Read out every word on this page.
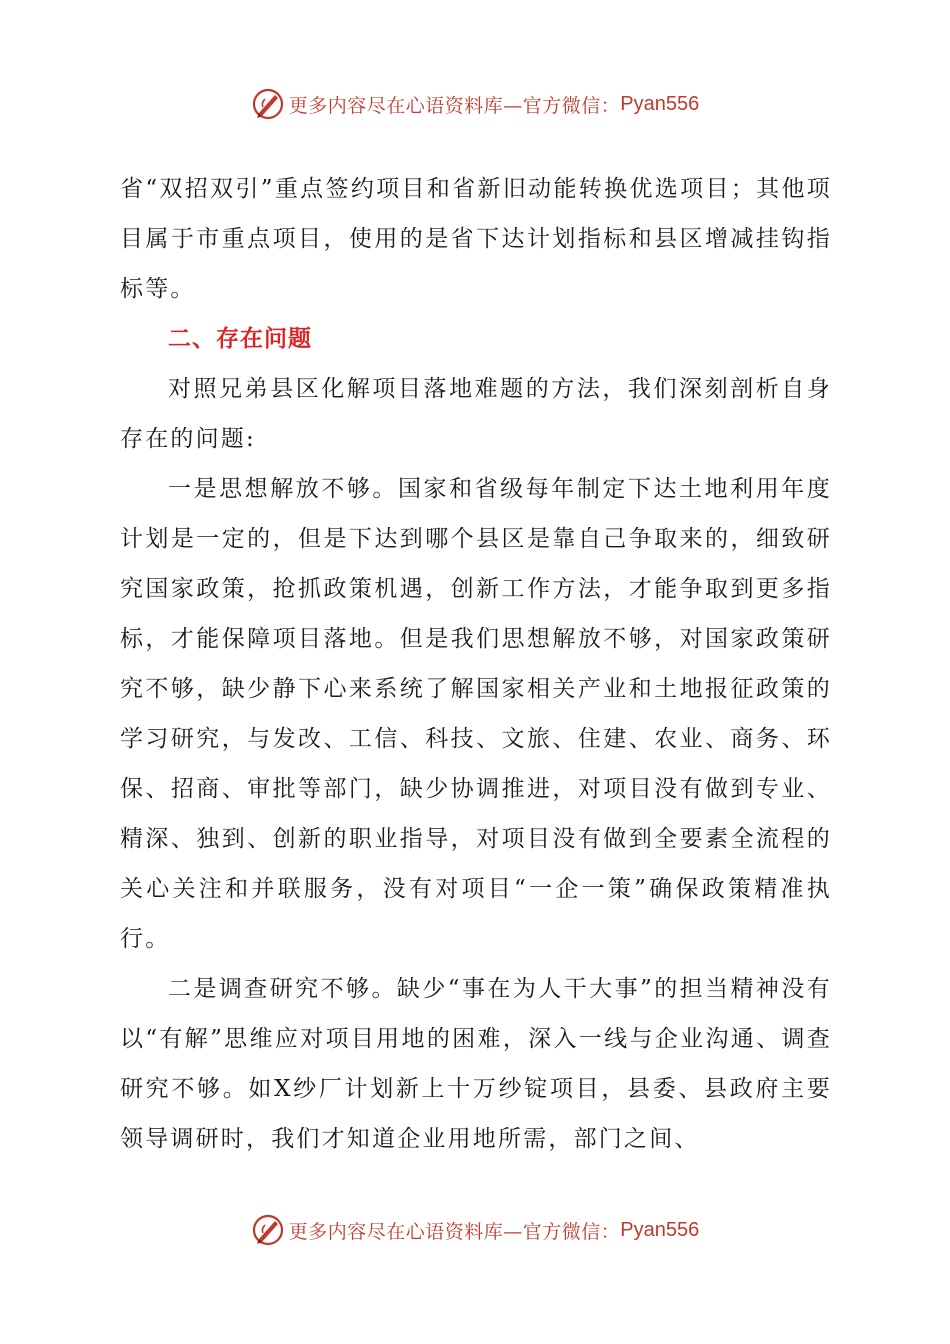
更多内容尽在心语资料库—官方微信： Pyan556

省“双招双引”重点签约项目和省新旧动能转换优选项目；其他项目属于市重点项目，使用的是省下达计划指标和县区增减挂钩指标等。

二、存在问题

对照兄弟县区化解项目落地难题的方法，我们深刻剖析自身存在的问题:

一是思想解放不够。国家和省级每年制定下达土地利用年度计划是一定的，但是下达到哪个县区是靠自己争取来的，细致研究国家政策，抢抓政策机遇，创新工作方法，才能争取到更多指标，才能保障项目落地。但是我们思想解放不够，对国家政策研究不够，缺少静下心来系统了解国家相关产业和土地报征政策的学习研究，与发改、工信、科技、文旅、住建、农业、商务、环保、招商、审批等部门，缺少协调推进，对项目没有做到专业、精深、独到、创新的职业指导，对项目没有做到全要素全流程的关心关注和并联服务，没有对项目“一企一策”确保政策精准执行。

二是调查研究不够。缺少“事在为人干大事”的担当精神没有以“有解”思维应对项目用地的困难，深入一线与企业沟通、调查研究不够。如X纱厂计划新上十万纱锭项目，县委、县政府主要领导调研时，我们才知道企业用地所需，部门之间、

更多内容尽在心语资料库—官方微信： Pyan556
